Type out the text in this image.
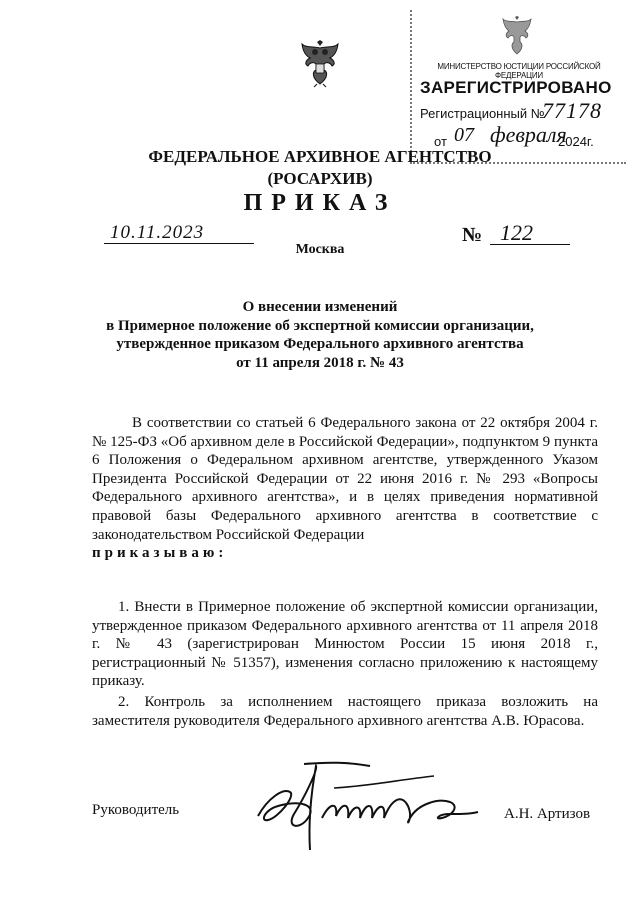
МИНИСТЕРСТВО ЮСТИЦИИ РОССИЙСКОЙ ФЕДЕРАЦИИ
ЗАРЕГИСТРИРОВАНО
Регистрационный №
77178
от 07 февраля
2024г.
ФЕДЕРАЛЬНОЕ АРХИВНОЕ АГЕНТСТВО
(РОСАРХИВ)
ПРИКАЗ
10.11.2023
Москва
№ 122
О внесении изменений
в Примерное положение об экспертной комиссии организации,
утвержденное приказом Федерального архивного агентства
от 11 апреля 2018 г. № 43

В соответствии со статьей 6 Федерального закона от 22 октября 2004 г. № 125-ФЗ «Об архивном деле в Российской Федерации», подпунктом 9 пункта 6 Положения о Федеральном архивном агентстве, утвержденного Указом Президента Российской Федерации от 22 июня 2016 г. № 293 «Вопросы Федерального архивного агентства», и в целях приведения нормативной правовой базы Федерального архивного агентства в соответствие с законодательством Российской Федерации

приказываю:

1. Внести в Примерное положение об экспертной комиссии организации, утвержденное приказом Федерального архивного агентства от 11 апреля 2018 г. № 43 (зарегистрирован Минюстом России 15 июня 2018 г., регистрационный № 51357), изменения согласно приложению к настоящему приказу.

2. Контроль за исполнением настоящего приказа возложить на заместителя руководителя Федерального архивного агентства А.В. Юрасова.

Руководитель	А.Н. Артизов
